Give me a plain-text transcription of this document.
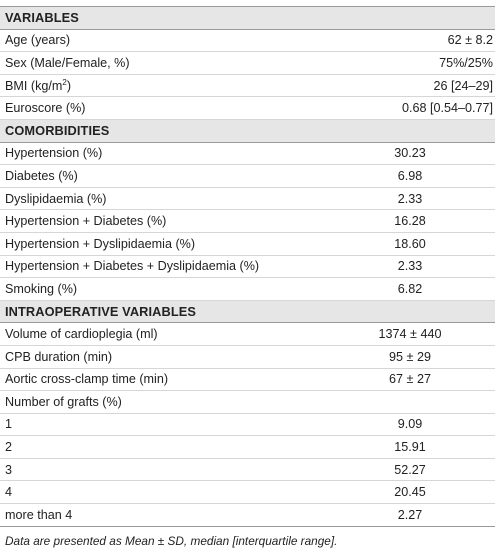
VARIABLES
Age (years)	62 ± 8.2
Sex (Male/Female, %)	75%/25%
BMI $(kg/m^2)$	26 [24–29]
Euroscore (%)	0.68 [0.54–0.77]
COMORBIDITIES
Hypertension (%)	30.23
Diabetes (%)	6.98
Dyslipidaemia (%)	2.33
Hypertension + Diabetes (%)	16.28
Hypertension + Dyslipidaemia (%)	18.60
Hypertension + Diabetes + Dyslipidaemia (%)	2.33
Smoking (%)	6.82
INTRAOPERATIVE VARIABLES
Volume of cardioplegia (ml)	1374 ± 440
CPB duration (min)	95 ± 29
Aortic cross-clamp time (min)	67 ± 27
Number of grafts (%)
1	9.09
2	15.91
3	52.27
4	20.45
more than 4	2.27
Data are presented as Mean ± SD, median [interquartile range].
